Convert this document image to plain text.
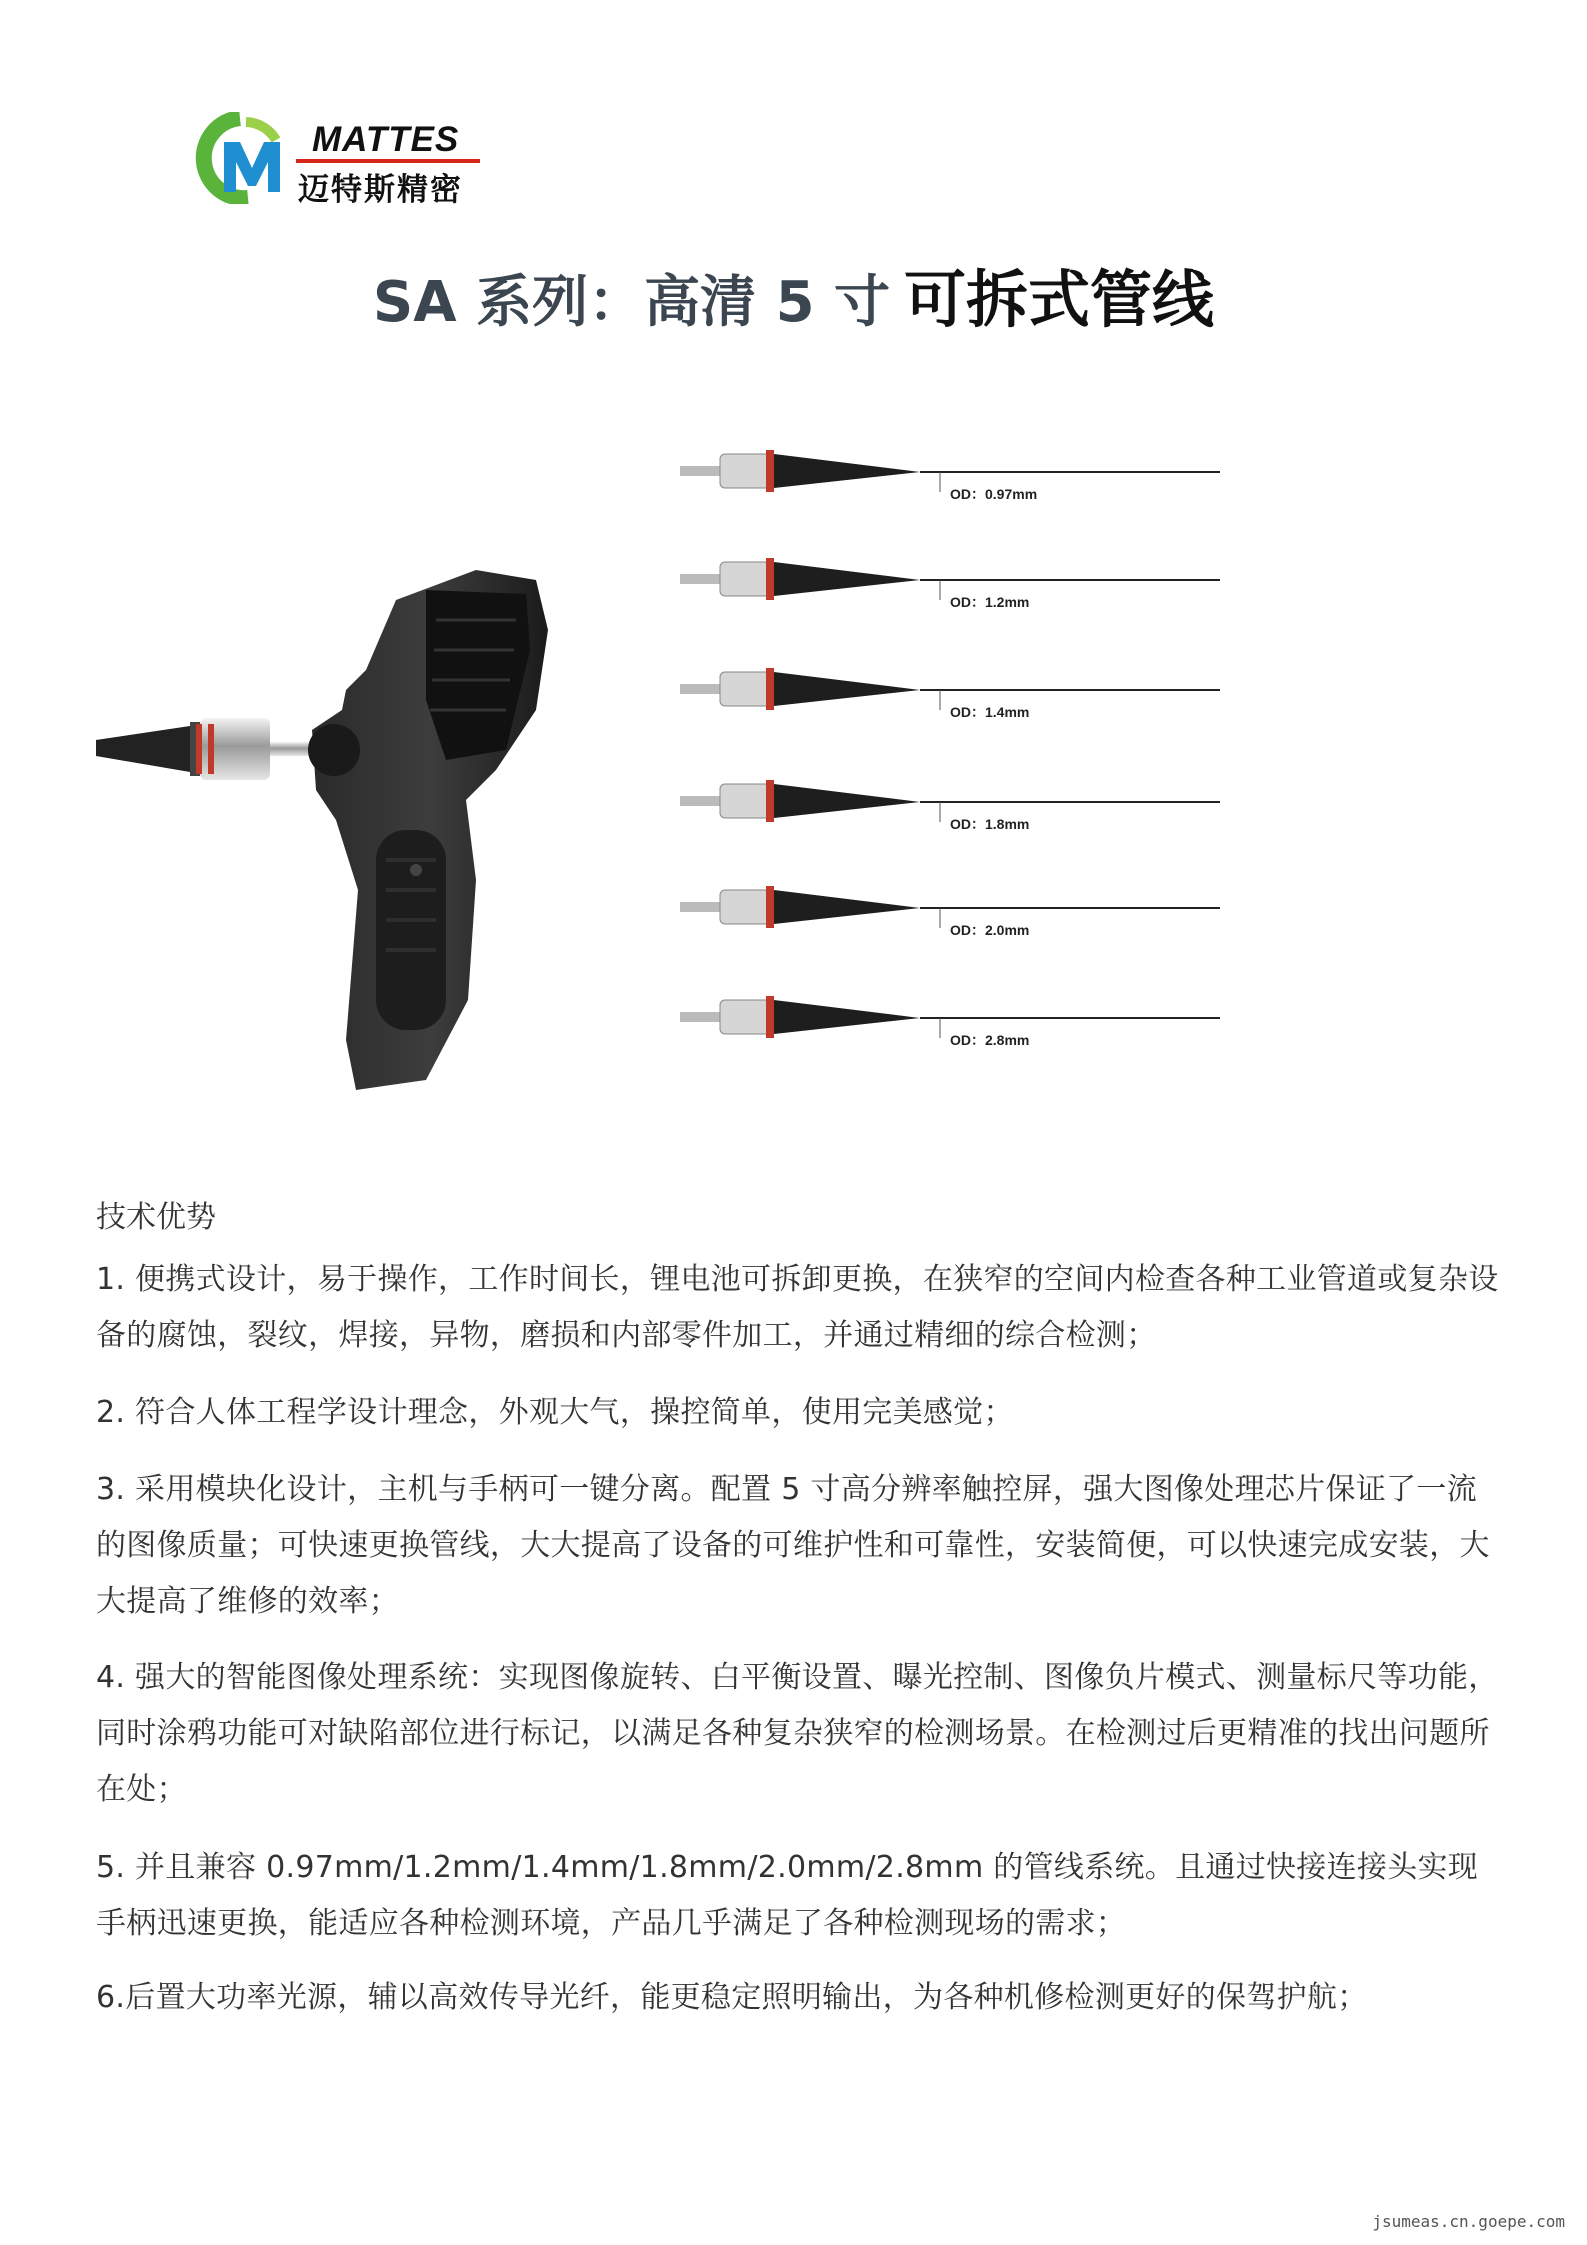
MATTES
迈特斯精密
SA 系列：高清 5 寸 可拆式管线
OD：0.97mm
OD：1.2mm
OD：1.4mm
OD：1.8mm
OD：2.0mm
OD：2.8mm
技术优势
1. 便携式设计，易于操作，工作时间长，锂电池可拆卸更换，在狭窄的空间内检查各种工业管道或复杂设备的腐蚀，裂纹，焊接，异物，磨损和内部零件加工，并通过精细的综合检测；
2. 符合人体工程学设计理念，外观大气，操控简单，使用完美感觉；
3. 采用模块化设计，主机与手柄可一键分离。配置 5 寸高分辨率触控屏，强大图像处理芯片保证了一流的图像质量；可快速更换管线，大大提高了设备的可维护性和可靠性，安装简便，可以快速完成安装，大大提高了维修的效率；
4. 强大的智能图像处理系统：实现图像旋转、白平衡设置、曝光控制、图像负片模式、测量标尺等功能，同时涂鸦功能可对缺陷部位进行标记，以满足各种复杂狭窄的检测场景。在检测过后更精准的找出问题所在处；
5. 并且兼容 0.97mm/1.2mm/1.4mm/1.8mm/2.0mm/2.8mm 的管线系统。且通过快接连接头实现手柄迅速更换，能适应各种检测环境，产品几乎满足了各种检测现场的需求；
6.后置大功率光源，辅以高效传导光纤，能更稳定照明输出，为各种机修检测更好的保驾护航；
jsumeas.cn.goepe.com
